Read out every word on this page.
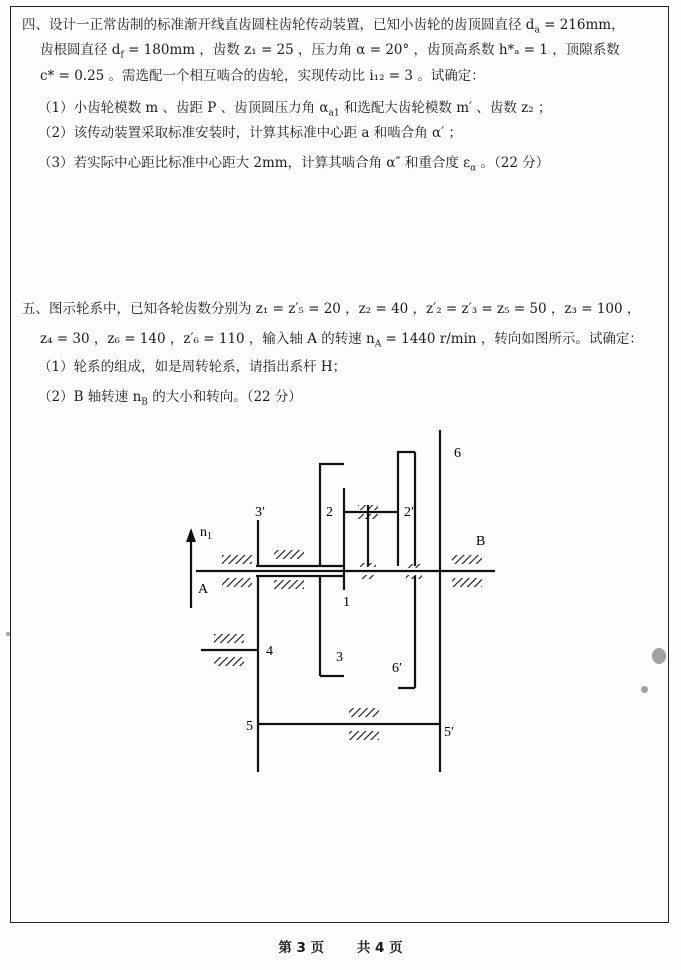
四、设计一正常齿制的标准渐开线直齿圆柱齿轮传动装置，已知小齿轮的齿顶圆直径 $d_a = 216mm$，
齿根圆直径 $d_f = 180mm$ ，齿数 z₁ = 25 ，压力角 α = 20° ，齿顶高系数 h*ₐ = 1 ，顶隙系数
c* = 0.25 。需选配一个相互啮合的齿轮，实现传动比 i₁₂ = 3 。试确定：
（1）小齿轮模数 m 、齿距 P 、齿顶圆压力角 $\alpha_{a1}$ 和选配大齿轮模数 m′ 、齿数 z₂ ；
（2）该传动装置采取标准安装时，计算其标准中心距 a 和啮合角 α′ ；
（3）若实际中心距比标准中心距大 2mm，计算其啮合角 α″ 和重合度 $\varepsilon_\alpha$ 。（22 分）
五、图示轮系中，已知各轮齿数分别为 z₁ = z′₅ = 20 ，z₂ = 40 ，z′₂ = z′₃ = z₅ = 50 ，z₃ = 100 ，
z₄ = 30 ，z₆ = 140 ，z′₆ = 110 ，输入轴 A 的转速 $n_A = 1440$ r/min ，转向如图所示。试确定：
（1）轮系的组成，如是周转轮系，请指出系杆 H；
（2）B 轴转速 $n_B$ 的大小和转向。（22 分）
$n_1$
A
B
1
2	2′
3
3′
4
5	5′
6
6′
第 3 页 共 4 页
